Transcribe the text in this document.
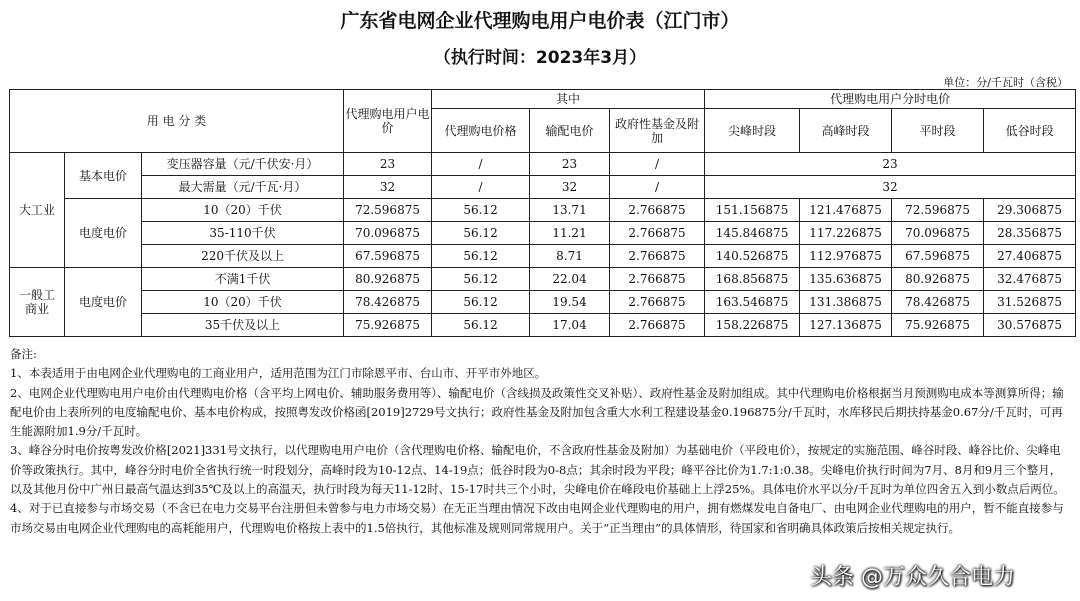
广东省电网企业代理购电用户电价表（江门市）
（执行时间：2023年3月）
单位：分/千瓦时（含税）
用 电 分 类			代理购电用户电价	其中			代理购电用户分时电价			
				代理购电价格	输配电价	政府性基金及附加	尖峰时段	高峰时段	平时段	低谷时段
大工业	基本电价	变压器容量（元/千伏安·月）	23	/	23	/	23			
		最大需量（元/千瓦·月）	32	/	32	/	32			
	电度电价	10（20）千伏	72.596875	56.12	13.71	2.766875	151.156875	121.476875	72.596875	29.306875
		35-110千伏	70.096875	56.12	11.21	2.766875	145.846875	117.226875	70.096875	28.356875
		220千伏及以上	67.596875	56.12	8.71	2.766875	140.526875	112.976875	67.596875	27.406875
一般工商业	电度电价	不满1千伏	80.926875	56.12	22.04	2.766875	168.856875	135.636875	80.926875	32.476875
		10（20）千伏	78.426875	56.12	19.54	2.766875	163.546875	131.386875	78.426875	31.526875
		35千伏及以上	75.926875	56.12	17.04	2.766875	158.226875	127.136875	75.926875	30.576875

备注:

1、本表适用于由电网企业代理购电的工商业用户，适用范围为江门市除恩平市、台山市、开平市外地区。

2、电网企业代理购电用户电价由代理购电价格（含平均上网电价、辅助服务费用等）、输配电价（含线损及政策性交叉补贴）、政府性基金及附加组成。其中代理购电价格根据当月预测购电成本等测算所得；输配电价由上表所列的电度输配电价、基本电价构成，按照粤发改价格函[2019]2729号文执行；政府性基金及附加包含重大水利工程建设基金0.196875分/千瓦时，水库移民后期扶持基金0.67分/千瓦时，可再生能源附加1.9分/千瓦时。

3、峰谷分时电价按粤发改价格[2021]331号文执行，以代理购电用户电价（含代理购电价格、输配电价，不含政府性基金及附加）为基础电价（平段电价），按规定的实施范围、峰谷时段、峰谷比价、尖峰电价等政策执行。其中，峰谷分时电价全省执行统一时段划分，高峰时段为10-12点、14-19点；低谷时段为0-8点；其余时段为平段；峰平谷比价为1.7:1:0.38。尖峰电价执行时间为7月、8月和9月三个整月，以及其他月份中广州日最高气温达到35℃及以上的高温天，执行时段为每天11-12时、15-17时共三个小时，尖峰电价在峰段电价基础上上浮25%。具体电价水平以分/千瓦时为单位四舍五入到小数点后两位。

4、对于已直接参与市场交易（不含已在电力交易平台注册但未曾参与电力市场交易）在无正当理由情况下改由电网企业代理购电的用户，拥有燃煤发电自备电厂、由电网企业代理购电的用户，暂不能直接参与市场交易由电网企业代理购电的高耗能用户，代理购电价格按上表中的1.5倍执行，其他标准及规则同常规用户。关于“正当理由”的具体情形，待国家和省明确具体政策后按相关规定执行。

头条 @万众久合电力
